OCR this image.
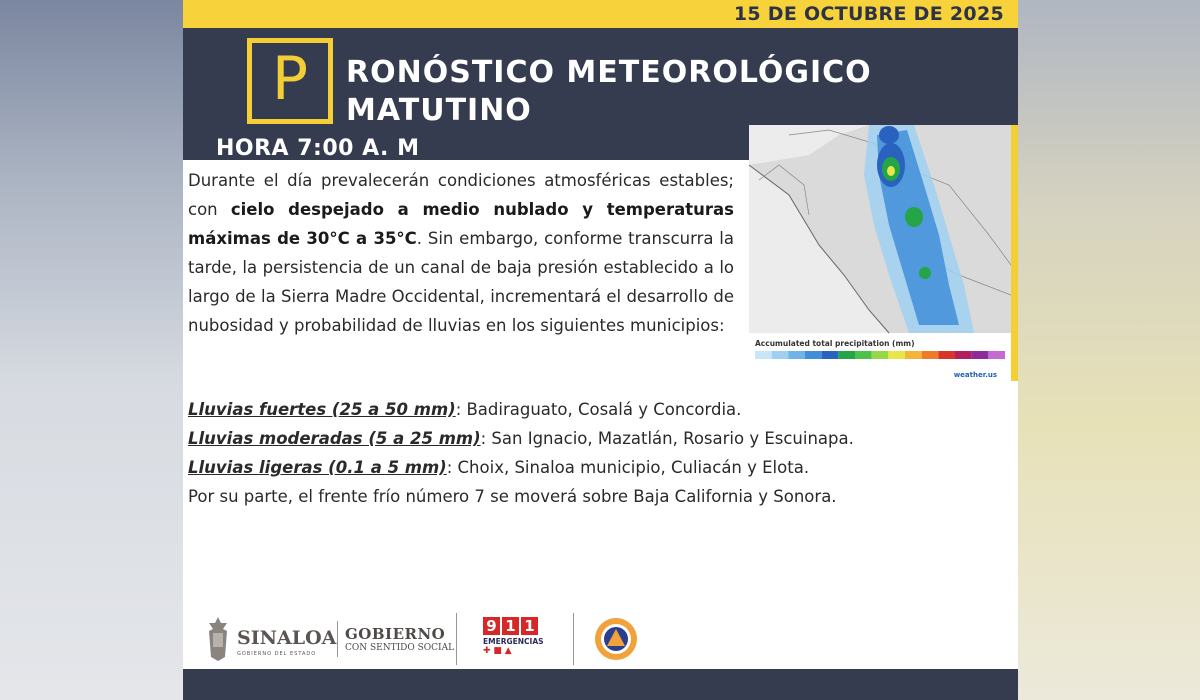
15 DE OCTUBRE DE 2025
P	RONÓSTICO METEOROLÓGICO
MATUTINO
HORA 7:00 A. M
Accumulated total precipitation (mm)
weather.us
Durante el día prevalecerán condiciones atmosféricas estables; con cielo despejado a medio nublado y temperaturas máximas de 30°C a 35°C. Sin embargo, conforme transcurra la tarde, la persistencia de un canal de baja presión establecido a lo largo de la Sierra Madre Occidental, incrementará el desarrollo de nubosidad y probabilidad de lluvias en los siguientes municipios:
Lluvias fuertes (25 a 50 mm): Badiraguato, Cosalá y Concordia.
Lluvias moderadas (5 a 25 mm): San Ignacio, Mazatlán, Rosario y Escuinapa.
Lluvias ligeras (0.1 a 5 mm): Choix, Sinaloa municipio, Culiacán y Elota.
Por su parte, el frente frío número 7 se moverá sobre Baja California y Sonora.
SINALOA
GOBIERNO DEL ESTADO
GOBIERNO
CON SENTIDO SOCIAL
9 1 1
EMERGENCIAS
✚ ■ ▲
